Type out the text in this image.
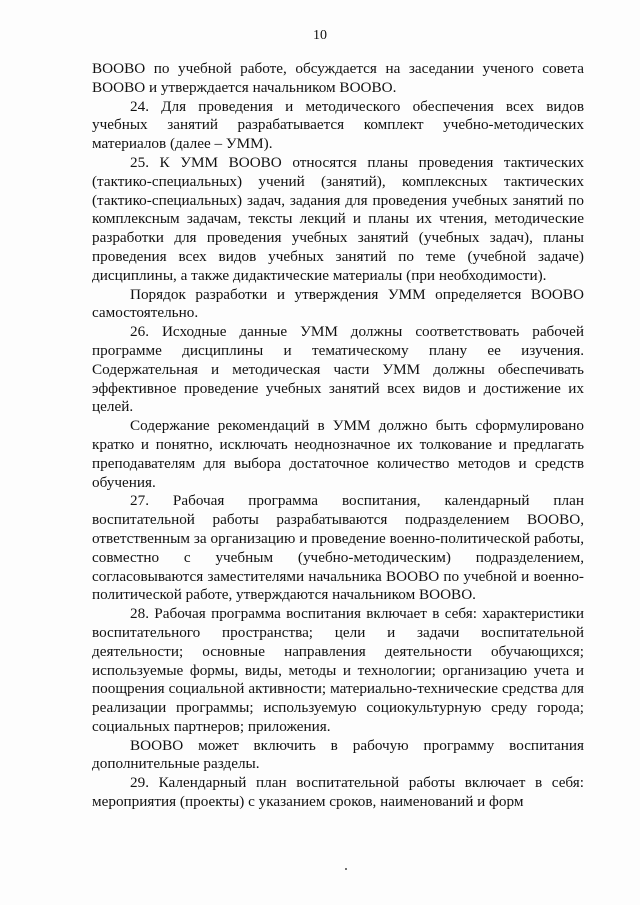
10

ВООВО по учебной работе, обсуждается на заседании ученого совета ВООВО и утверждается начальником ВООВО.

24. Для проведения и методического обеспечения всех видов учебных занятий разрабатывается комплект учебно-методических материалов (далее – УММ).

25. К УММ ВООВО относятся планы проведения тактических (тактико-специальных) учений (занятий), комплексных тактических (тактико-специальных) задач, задания для проведения учебных занятий по комплексным задачам, тексты лекций и планы их чтения, методические разработки для проведения учебных занятий (учебных задач), планы проведения всех видов учебных занятий по теме (учебной задаче) дисциплины, а также дидактические материалы (при необходимости).

Порядок разработки и утверждения УММ определяется ВООВО самостоятельно.

26. Исходные данные УММ должны соответствовать рабочей программе дисциплины и тематическому плану ее изучения. Содержательная и методическая части УММ должны обеспечивать эффективное проведение учебных занятий всех видов и достижение их целей.

Содержание рекомендаций в УММ должно быть сформулировано кратко и понятно, исключать неоднозначное их толкование и предлагать преподавателям для выбора достаточное количество методов и средств обучения.

27. Рабочая программа воспитания, календарный план воспитательной работы разрабатываются подразделением ВООВО, ответственным за организацию и проведение военно-политической работы, совместно с учебным (учебно-методическим) подразделением, согласовываются заместителями начальника ВООВО по учебной и военно-политической работе, утверждаются начальником ВООВО.

28. Рабочая программа воспитания включает в себя: характеристики воспитательного пространства; цели и задачи воспитательной деятельности; основные направления деятельности обучающихся; используемые формы, виды, методы и технологии; организацию учета и поощрения социальной активности; материально-технические средства для реализации программы; используемую социокультурную среду города; социальных партнеров; приложения.

ВООВО может включить в рабочую программу воспитания дополнительные разделы.

29. Календарный план воспитательной работы включает в себя: мероприятия (проекты) с указанием сроков, наименований и форм
